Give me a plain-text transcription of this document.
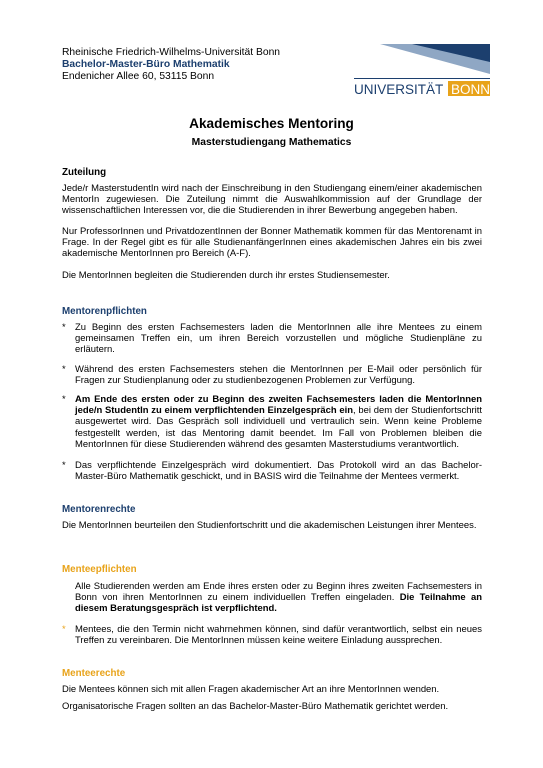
Rheinische Friedrich-Wilhelms-Universität Bonn
Bachelor-Master-Büro Mathematik
Endenicher Allee 60, 53115 Bonn
UNIVERSITÄT BONN
Akademisches Mentoring
Masterstudiengang Mathematics
Zuteilung
Jede/r MasterstudentIn wird nach der Einschreibung in den Studiengang einem/einer akademischen MentorIn zugewiesen. Die Zuteilung nimmt die Auswahlkommission auf der Grundlage der wissenschaftlichen Interessen vor, die die Studierenden in ihrer Bewerbung angegeben haben.
Nur ProfessorInnen und PrivatdozentInnen der Bonner Mathematik kommen für das Mentorenamt in Frage. In der Regel gibt es für alle StudienanfängerInnen eines akademischen Jahres ein bis zwei akademische MentorInnen pro Bereich (A-F).
Die MentorInnen begleiten die Studierenden durch ihr erstes Studiensemester.
Mentorenpflichten
* Zu Beginn des ersten Fachsemesters laden die MentorInnen alle ihre Mentees zu einem gemeinsamen Treffen ein, um ihren Bereich vorzustellen und mögliche Studienpläne zu erläutern.
* Während des ersten Fachsemesters stehen die MentorInnen per E-Mail oder persönlich für Fragen zur Studienplanung oder zu studienbezogenen Problemen zur Verfügung.
* Am Ende des ersten oder zu Beginn des zweiten Fachsemesters laden die MentorInnen jede/n StudentIn zu einem verpflichtenden Einzelgespräch ein, bei dem der Studienfortschritt ausgewertet wird. Das Gespräch soll individuell und vertraulich sein. Wenn keine Probleme festgestellt werden, ist das Mentoring damit beendet. Im Fall von Problemen bleiben die MentorInnen für diese Studierenden während des gesamten Masterstudiums verantwortlich.
* Das verpflichtende Einzelgespräch wird dokumentiert. Das Protokoll wird an das Bachelor-Master-Büro Mathematik geschickt, und in BASIS wird die Teilnahme der Mentees vermerkt.
Mentorenrechte
Die MentorInnen beurteilen den Studienfortschritt und die akademischen Leistungen ihrer Mentees.
Menteepflichten
Alle Studierenden werden am Ende ihres ersten oder zu Beginn ihres zweiten Fachsemesters in Bonn von ihren MentorInnen zu einem individuellen Treffen eingeladen. Die Teilnahme an diesem Beratungsgespräch ist verpflichtend.
* Mentees, die den Termin nicht wahrnehmen können, sind dafür verantwortlich, selbst ein neues Treffen zu vereinbaren. Die MentorInnen müssen keine weitere Einladung aussprechen.
Menteerechte
Die Mentees können sich mit allen Fragen akademischer Art an ihre MentorInnen wenden.
Organisatorische Fragen sollten an das Bachelor-Master-Büro Mathematik gerichtet werden.
